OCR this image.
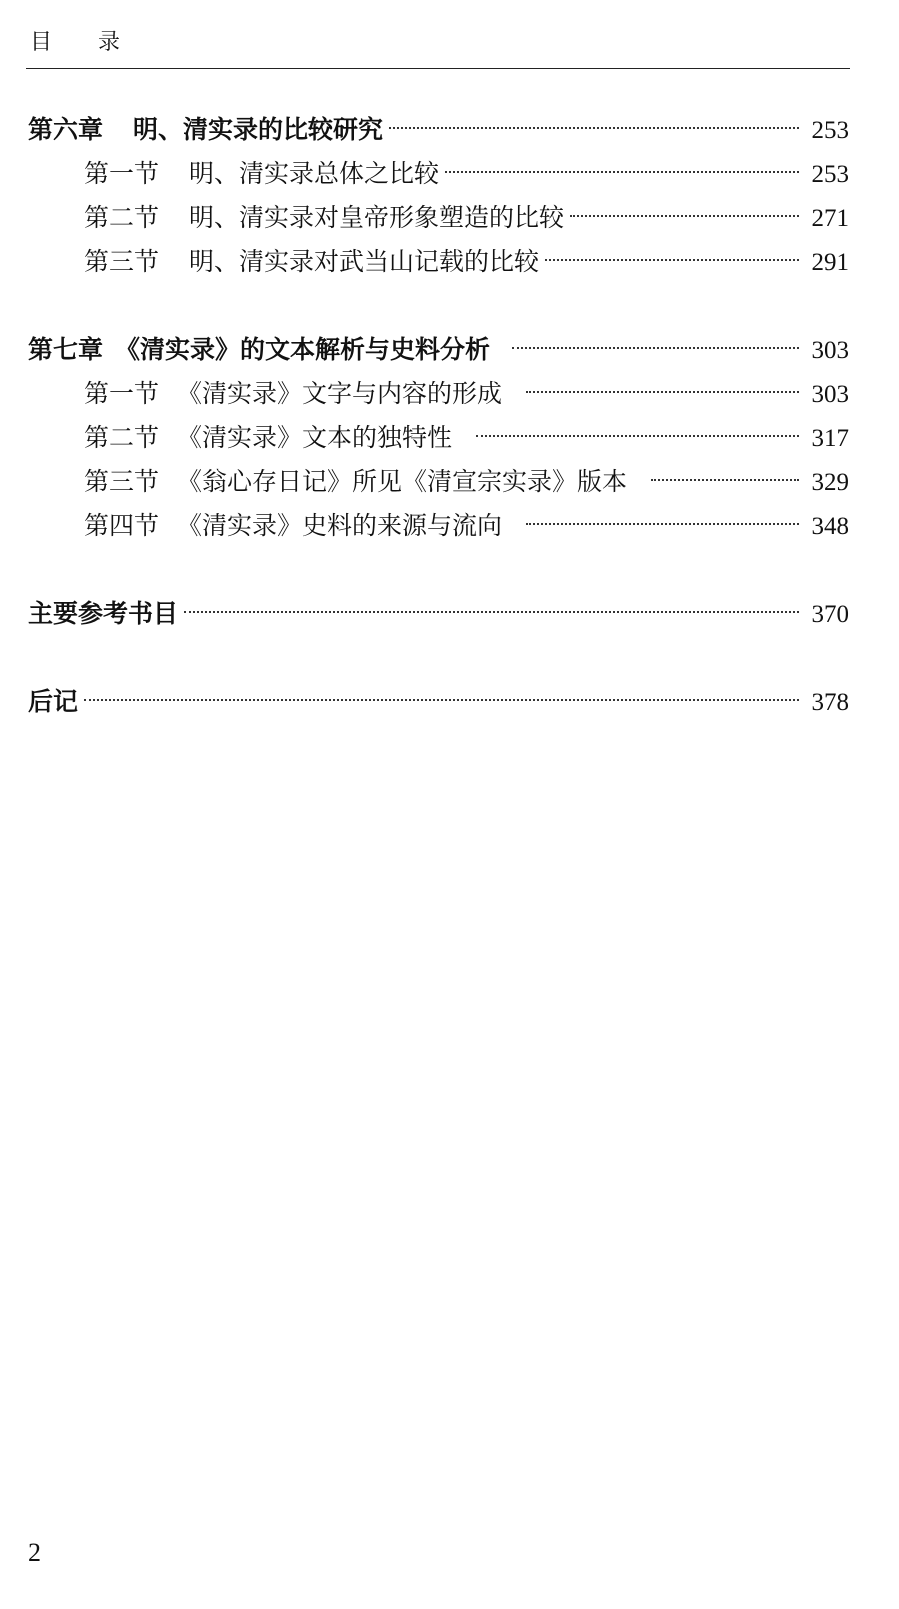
目录
第六章 明、清实录的比较研究	253
第一节 明、清实录总体之比较	253
第二节 明、清实录对皇帝形象塑造的比较	271
第三节 明、清实录对武当山记载的比较	291
第七章 《清实录》的文本解析与史料分析	303
第一节 《清实录》文字与内容的形成	303
第二节 《清实录》文本的独特性	317
第三节 《翁心存日记》所见《清宣宗实录》版本	329
第四节 《清实录》史料的来源与流向	348
主要参考书目	370
后记	378
2
